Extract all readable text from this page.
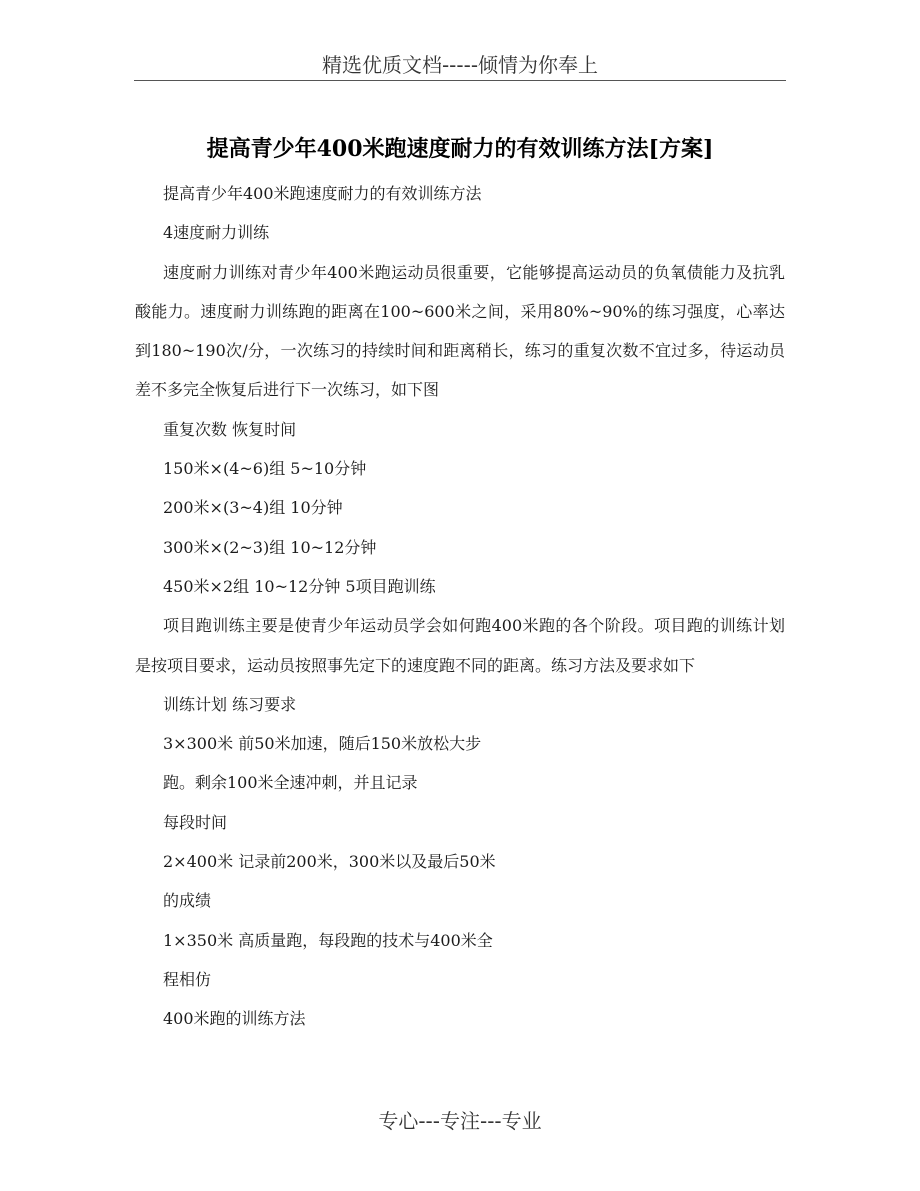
精选优质文档-----倾情为你奉上
提高青少年400米跑速度耐力的有效训练方法[方案]

提高青少年400米跑速度耐力的有效训练方法

4速度耐力训练

速度耐力训练对青少年400米跑运动员很重要，它能够提高运动员的负氧债能力及抗乳酸能力。速度耐力训练跑的距离在100~600米之间，采用80%~90%的练习强度，心率达到180~190次/分，一次练习的持续时间和距离稍长，练习的重复次数不宜过多，待运动员差不多完全恢复后进行下一次练习，如下图

重复次数 恢复时间

150米×(4~6)组 5~10分钟

200米×(3~4)组 10分钟

300米×(2~3)组 10~12分钟

450米×2组 10~12分钟 5项目跑训练

项目跑训练主要是使青少年运动员学会如何跑400米跑的各个阶段。项目跑的训练计划是按项目要求，运动员按照事先定下的速度跑不同的距离。练习方法及要求如下

训练计划 练习要求

3×300米 前50米加速，随后150米放松大步

跑。剩余100米全速冲刺，并且记录

每段时间

2×400米 记录前200米，300米以及最后50米

的成绩

1×350米 高质量跑，每段跑的技术与400米全

程相仿

400米跑的训练方法

专心---专注---专业
